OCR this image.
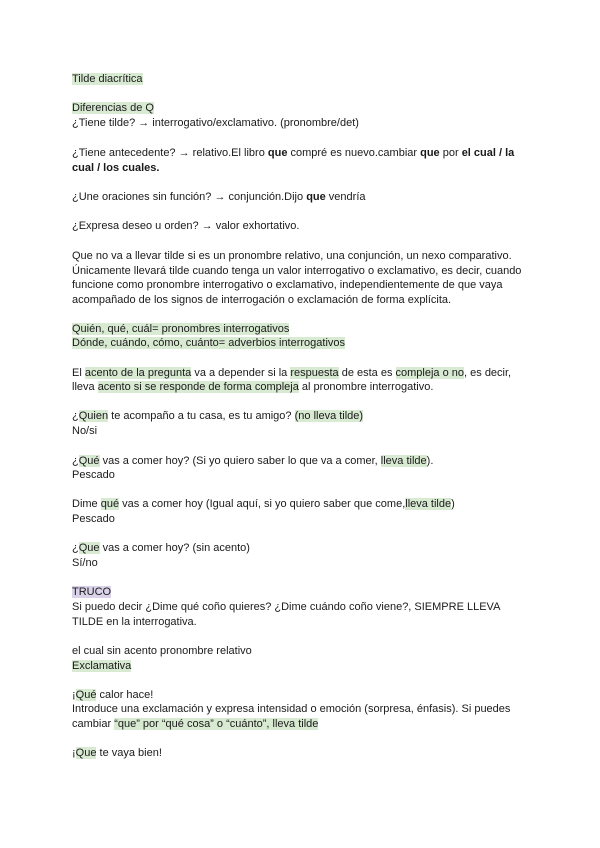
Tilde diacrítica
Diferencias de Q
¿Tiene tilde? → interrogativo/exclamativo. (pronombre/det)
¿Tiene antecedente? → relativo.El libro que compré es nuevo.cambiar que por el cual / la
cual / los cuales.
¿Une oraciones sin función? → conjunción.Dijo que vendría
¿Expresa deseo u orden? → valor exhortativo.
Que no va a llevar tilde si es un pronombre relativo, una conjunción, un nexo comparativo.
Únicamente llevará tilde cuando tenga un valor interrogativo o exclamativo, es decir, cuando
funcione como pronombre interrogativo o exclamativo, independientemente de que vaya
acompañado de los signos de interrogación o exclamación de forma explícita.
Quién, qué, cuál= pronombres interrogativos
Dónde, cuándo, cómo, cuánto= adverbios interrogativos
El acento de la pregunta va a depender si la respuesta de esta es compleja o no, es decir,
lleva acento si se responde de forma compleja al pronombre interrogativo.
¿Quien te acompaño a tu casa, es tu amigo? (no lleva tilde)
No/si
¿Qué vas a comer hoy? (Si yo quiero saber lo que va a comer, lleva tilde).
Pescado
Dime qué vas a comer hoy (Igual aquí, si yo quiero saber que come,lleva tilde)
Pescado
¿Que vas a comer hoy? (sin acento)
Sí/no
TRUCO
Si puedo decir ¿Dime qué coño quieres? ¿Dime cuándo coño viene?, SIEMPRE LLEVA
TILDE en la interrogativa.
el cual sin acento pronombre relativo
Exclamativa
¡Qué calor hace!
Introduce una exclamación y expresa intensidad o emoción (sorpresa, énfasis). Si puedes
cambiar “que” por “qué cosa” o “cuánto”, lleva tilde
¡Que te vaya bien!
